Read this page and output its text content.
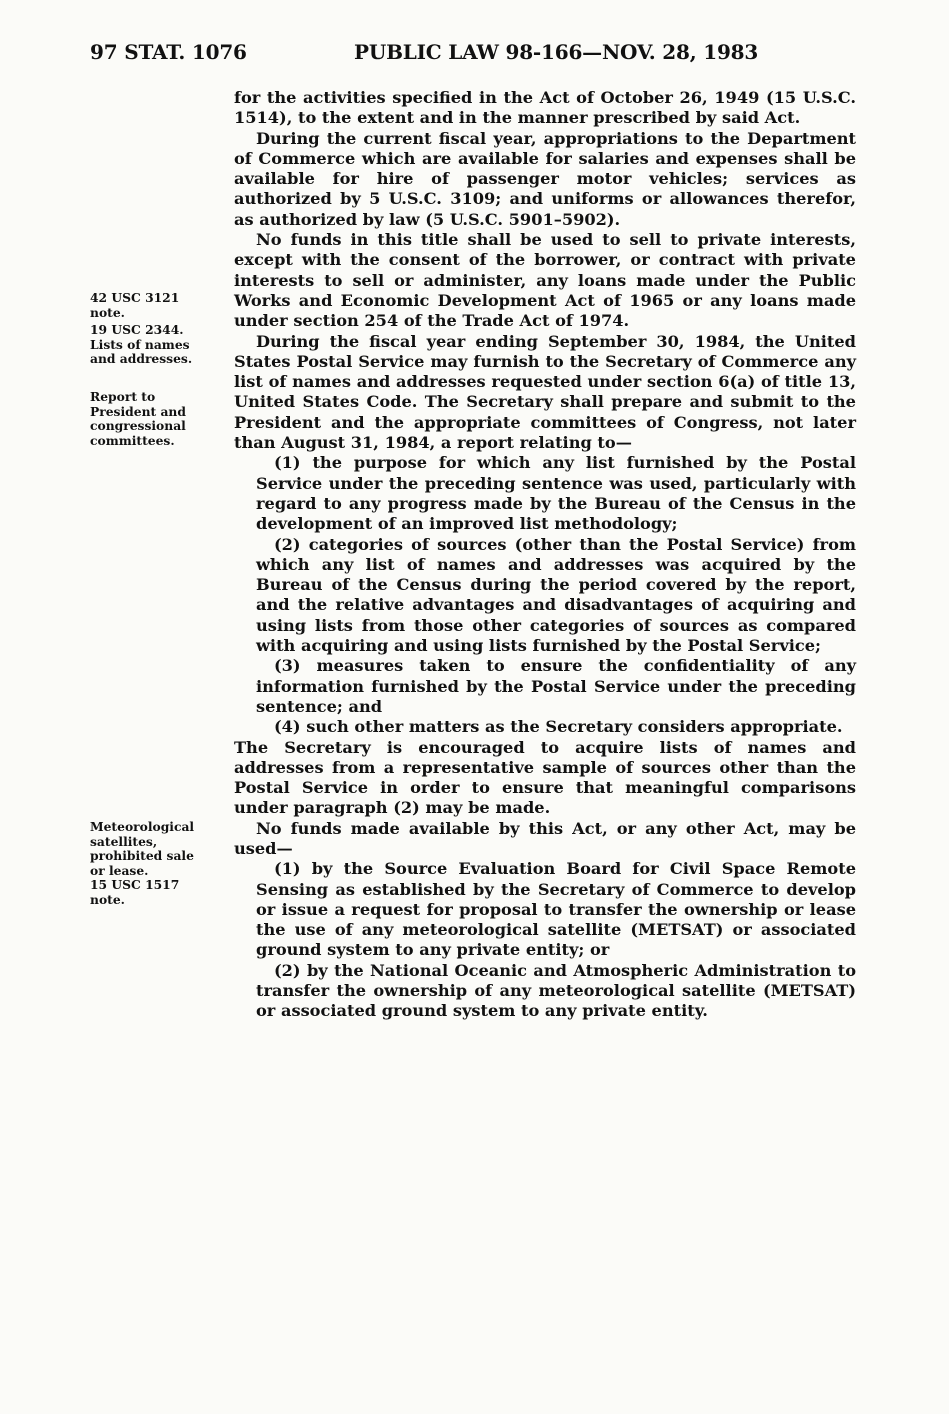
97 STAT. 1076	PUBLIC LAW 98-166—NOV. 28, 1983
42 USC 3121
note.
19 USC 2344.
Lists of names
and addresses.
Report to
President and
congressional
committees.
Meteorological
satellites,
prohibited sale
or lease.
15 USC 1517
note.

for the activities specified in the Act of October 26, 1949 (15 U.S.C. 1514), to the extent and in the manner prescribed by said Act.

During the current fiscal year, appropriations to the Department of Commerce which are available for salaries and expenses shall be available for hire of passenger motor vehicles; services as authorized by 5 U.S.C. 3109; and uniforms or allowances therefor, as authorized by law (5 U.S.C. 5901–5902).

No funds in this title shall be used to sell to private interests, except with the consent of the borrower, or contract with private interests to sell or administer, any loans made under the Public Works and Economic Development Act of 1965 or any loans made under section 254 of the Trade Act of 1974.

During the fiscal year ending September 30, 1984, the United States Postal Service may furnish to the Secretary of Commerce any list of names and addresses requested under section 6(a) of title 13, United States Code. The Secretary shall prepare and submit to the President and the appropriate committees of Congress, not later than August 31, 1984, a report relating to—

(1) the purpose for which any list furnished by the Postal Service under the preceding sentence was used, particularly with regard to any progress made by the Bureau of the Census in the development of an improved list methodology;

(2) categories of sources (other than the Postal Service) from which any list of names and addresses was acquired by the Bureau of the Census during the period covered by the report, and the relative advantages and disadvantages of acquiring and using lists from those other categories of sources as compared with acquiring and using lists furnished by the Postal Service;

(3) measures taken to ensure the confidentiality of any information furnished by the Postal Service under the preceding sentence; and

(4) such other matters as the Secretary considers appropriate.

The Secretary is encouraged to acquire lists of names and addresses from a representative sample of sources other than the Postal Service in order to ensure that meaningful comparisons under paragraph (2) may be made.

No funds made available by this Act, or any other Act, may be used—

(1) by the Source Evaluation Board for Civil Space Remote Sensing as established by the Secretary of Commerce to develop or issue a request for proposal to transfer the ownership or lease the use of any meteorological satellite (METSAT) or associated ground system to any private entity; or

(2) by the National Oceanic and Atmospheric Administration to transfer the ownership of any meteorological satellite (METSAT) or associated ground system to any private entity.
